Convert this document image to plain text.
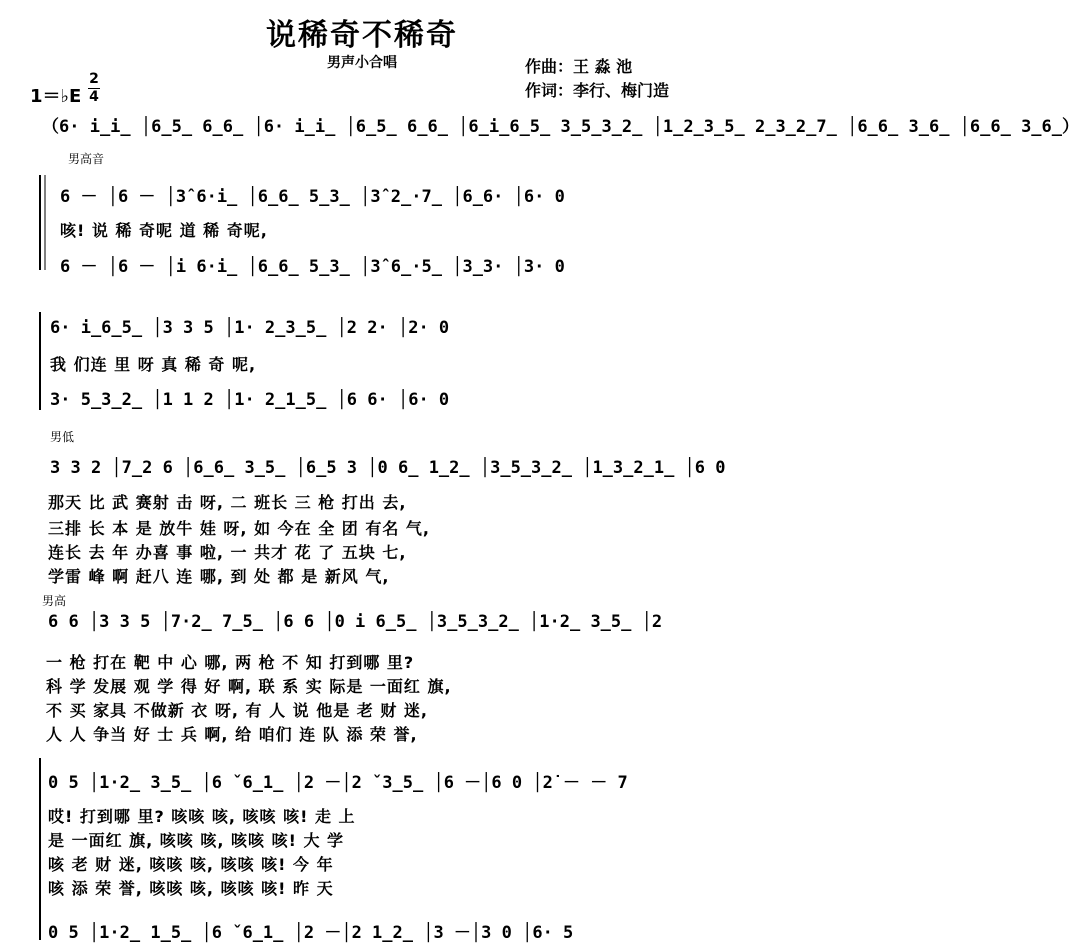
说稀奇不稀奇
男声小合唱	作曲：王 淼 池
作词：李行、梅门造
1＝♭E
2
4
（6· i̲i̲ │6̲5̲ 6̲6̲ │6· i̲i̲ │6̲5̲ 6̲6̲ │6̲i̲6̲5̲ 3̲5̲3̲2̲ │1̲2̲3̲5̲ 2̲3̲2̲7̲ │6̲6̲ 3̲6̲ │6̲6̲ 3̲6̲）
男高音
6 － │6 － │3̂ 6·i̲ │6̲6̲ 5̲3̲ │3̂ 2̲·7̲ │6̲6· │6· 0
咳! 说 稀 奇呢 道 稀 奇呢,
6 － │6 － │i 6·i̲ │6̲6̲ 5̲3̲ │3̂ 6̲·5̲ │3̲3· │3· 0
6· i̲6̲5̲ │3 3 5 │1· 2̲3̲5̲ │2 2· │2· 0
我 们连 里 呀 真 稀 奇 呢,
3· 5̲3̲2̲ │1 1 2 │1· 2̲1̲5̲ │6 6· │6· 0
男低
3 3 2 │7̲2 6 │6̲6̲ 3̲5̲ │6̲5 3 │0 6̲ 1̲2̲ │3̲5̲3̲2̲ │1̲3̲2̲1̲ │6 0
那天 比 武 赛射 击 呀, 二 班长 三 枪 打出 去,
三排 长 本 是 放牛 娃 呀, 如 今在 全 团 有名 气,
连长 去 年 办喜 事 啦, 一 共才 花 了 五块 七,
学雷 峰 啊 赶八 连 哪, 到 处 都 是 新风 气,
男高
6 6 │3 3 5 │7·2̲ 7̲5̲ │6 6 │0 i 6̲5̲ │3̲5̲3̲2̲ │1·2̲ 3̲5̲ │2
一 枪 打在 靶 中 心 哪, 两 枪 不 知 打到哪 里?
科 学 发展 观 学 得 好 啊, 联 系 实 际是 一面红 旗,
不 买 家具 不做新 衣 呀, 有 人 说 他是 老 财 迷,
人 人 争当 好 士 兵 啊, 给 咱们 连 队 添 荣 誉,
0 5 │1·2̲ 3̲5̲ │6 ˇ6̲1̲ │2 －│2 ˇ3̲5̲ │6 －│6 0 │2̇ － － 7
哎! 打到哪 里? 咳咳 咳, 咳咳 咳! 走 上
是 一面红 旗, 咳咳 咳, 咳咳 咳! 大 学
咳 老 财 迷, 咳咳 咳, 咳咳 咳! 今 年
咳 添 荣 誉, 咳咳 咳, 咳咳 咳! 昨 天
0 5 │1·2̲ 1̲5̲ │6 ˇ6̲1̲ │2 －│2 1̲2̲ │3 －│3 0 │6· 5
